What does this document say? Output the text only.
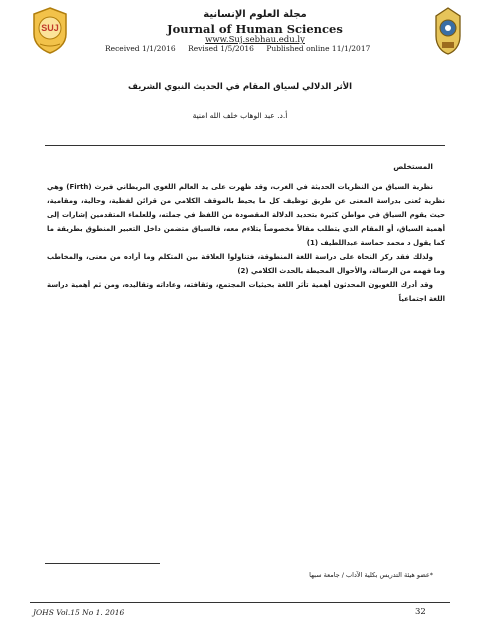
SUJ
مجلة العلوم الإنسانية
Journal of Human Sciences
www.Suj.sebhau.edu.ly
Received 1/1/2016 Revised 1/5/2016 Published online 11/1/2017
الأثر الدلالي لسياق المقام في الحديث النبوي الشريف
أ.د. عبد الوهاب خلف الله امنية
المستخلص

نظرية السياق من النظريات الحديثة في الغرب، وقد ظهرت على يد العالم اللغوي البريطاني فيرث (Firth) وهي نظرية تُعنى بدراسة المعنى عن طريق توظيف كل ما يحيط بالموقف الكلامي من قرائن لفظية، وحالية، ومقامية، حيث يقوم السياق في مواطن كثيرة بتحديد الدلالة المقصودة من اللفظ في جملته، وللعلماء المتقدمين إشارات إلى أهمية السياق، أو المقام الذي يتطلب مقالاً مخصوصاً يتلاءم معه، فالسياق متضمن داخل التعبير المنطوق بطريقة ما كما يقول د محمد حماسة عبداللطيف (1)

ولذلك فقد ركز النحاة على دراسة اللغة المنطوقة، فتناولوا العلاقة بين المتكلم وما أراده من معنى، والمخاطب وما فهمه من الرسالة، والأحوال المحيطة بالحدث الكلامي (2)

وقد أدرك اللغويون المحدثون أهمية تأثر اللغة بحيثيات المجتمع، وثقافته، وعاداته وتقاليده، ومن ثم أهمية دراسة اللغة اجتماعياً

*عضو هيئة التدريس بكلية الآداب / جامعة سبها
JOHS Vol.15 No 1. 2016	32
